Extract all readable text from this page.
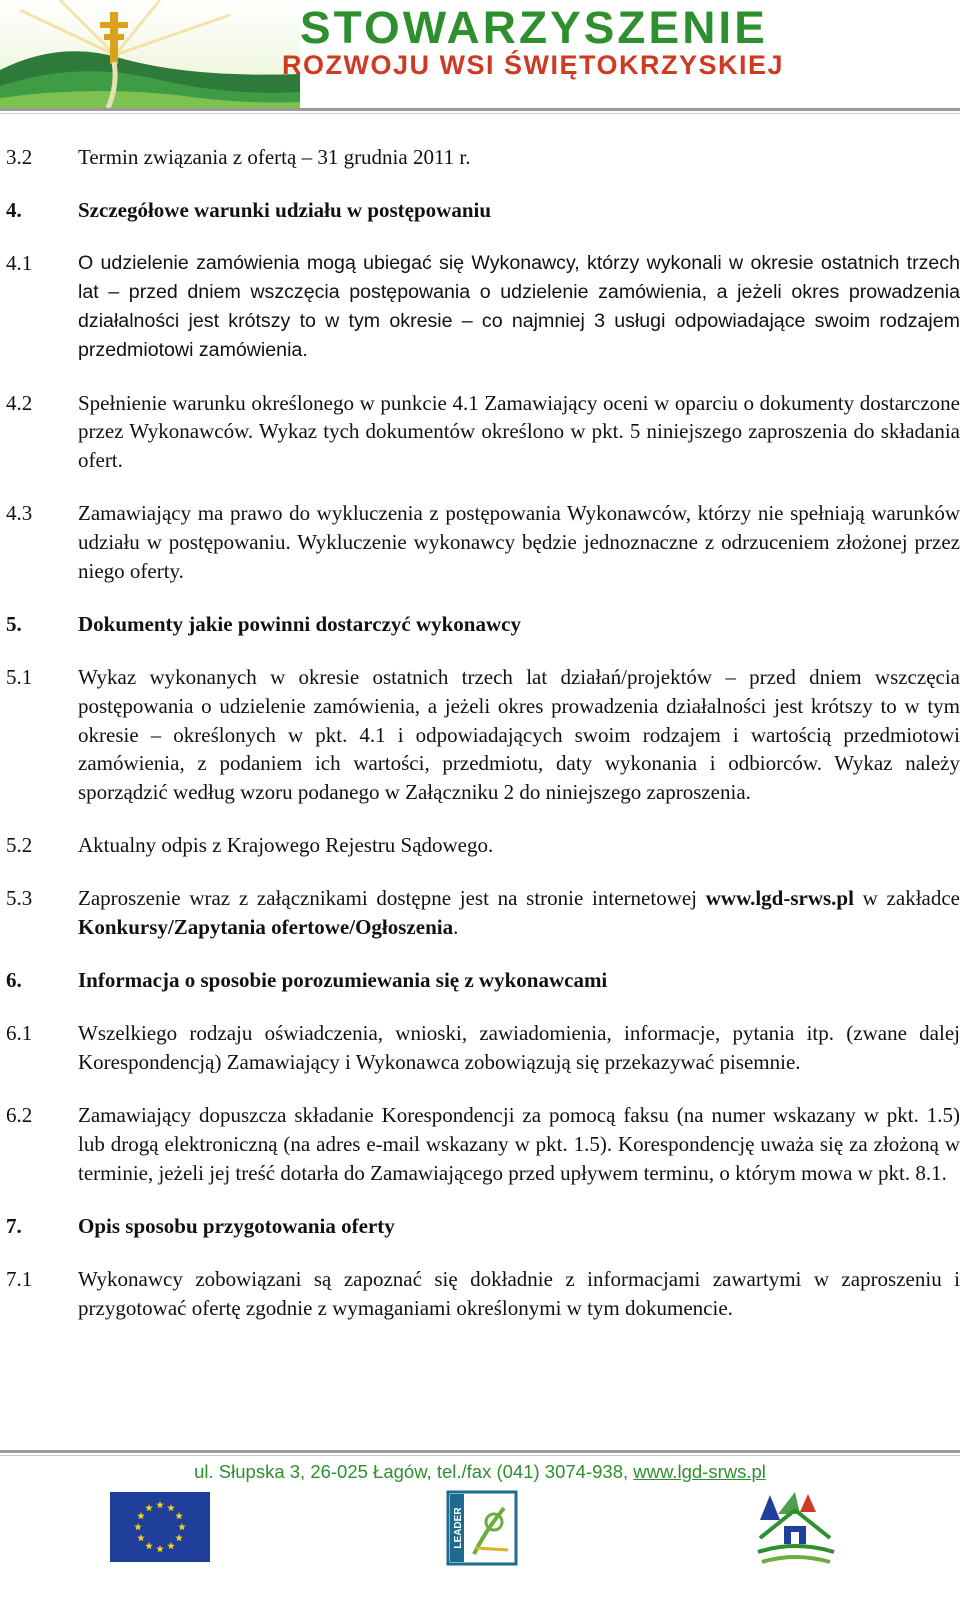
STOWARZYSZENIE
ROZWOJU WSI ŚWIĘTOKRZYSKIEJ
3.2	Termin związania z ofertą – 31 grudnia 2011 r.
4.	Szczegółowe warunki udziału w postępowaniu
4.1	O udzielenie zamówienia mogą ubiegać się Wykonawcy, którzy wykonali w okresie ostatnich trzech lat – przed dniem wszczęcia postępowania o udzielenie zamówienia, a jeżeli okres prowadzenia działalności jest krótszy to w tym okresie – co najmniej 3 usługi odpowiadające swoim rodzajem przedmiotowi zamówienia.
4.2	Spełnienie warunku określonego w punkcie 4.1 Zamawiający oceni w oparciu o dokumenty dostarczone przez Wykonawców. Wykaz tych dokumentów określono w pkt. 5 niniejszego zaproszenia do składania ofert.
4.3	Zamawiający ma prawo do wykluczenia z postępowania Wykonawców, którzy nie spełniają warunków udziału w postępowaniu. Wykluczenie wykonawcy będzie jednoznaczne z odrzuceniem złożonej przez niego oferty.
5.	Dokumenty jakie powinni dostarczyć wykonawcy
5.1	Wykaz wykonanych w okresie ostatnich trzech lat działań/projektów – przed dniem wszczęcia postępowania o udzielenie zamówienia, a jeżeli okres prowadzenia działalności jest krótszy to w tym okresie – określonych w pkt. 4.1 i odpowiadających swoim rodzajem i wartością przedmiotowi zamówienia, z podaniem ich wartości, przedmiotu, daty wykonania i odbiorców. Wykaz należy sporządzić według wzoru podanego w Załączniku 2 do niniejszego zaproszenia.
5.2	Aktualny odpis z Krajowego Rejestru Sądowego.
5.3	Zaproszenie wraz z załącznikami dostępne jest na stronie internetowej www.lgd-srws.pl w zakładce Konkursy/Zapytania ofertowe/Ogłoszenia.
6.	Informacja o sposobie porozumiewania się z wykonawcami
6.1	Wszelkiego rodzaju oświadczenia, wnioski, zawiadomienia, informacje, pytania itp. (zwane dalej Korespondencją) Zamawiający i Wykonawca zobowiązują się przekazywać pisemnie.
6.2	Zamawiający dopuszcza składanie Korespondencji za pomocą faksu (na numer wskazany w pkt. 1.5) lub drogą elektroniczną (na adres e-mail wskazany w pkt. 1.5). Korespondencję uważa się za złożoną w terminie, jeżeli jej treść dotarła do Zamawiającego przed upływem terminu, o którym mowa w pkt. 8.1.
7.	Opis sposobu przygotowania oferty
7.1	Wykonawcy zobowiązani są zapoznać się dokładnie z informacjami zawartymi w zaproszeniu i przygotować ofertę zgodnie z wymaganiami określonymi w tym dokumencie.
ul. Słupska 3, 26-025 Łagów, tel./fax (041) 3074-938, www.lgd-srws.pl
LEADER
